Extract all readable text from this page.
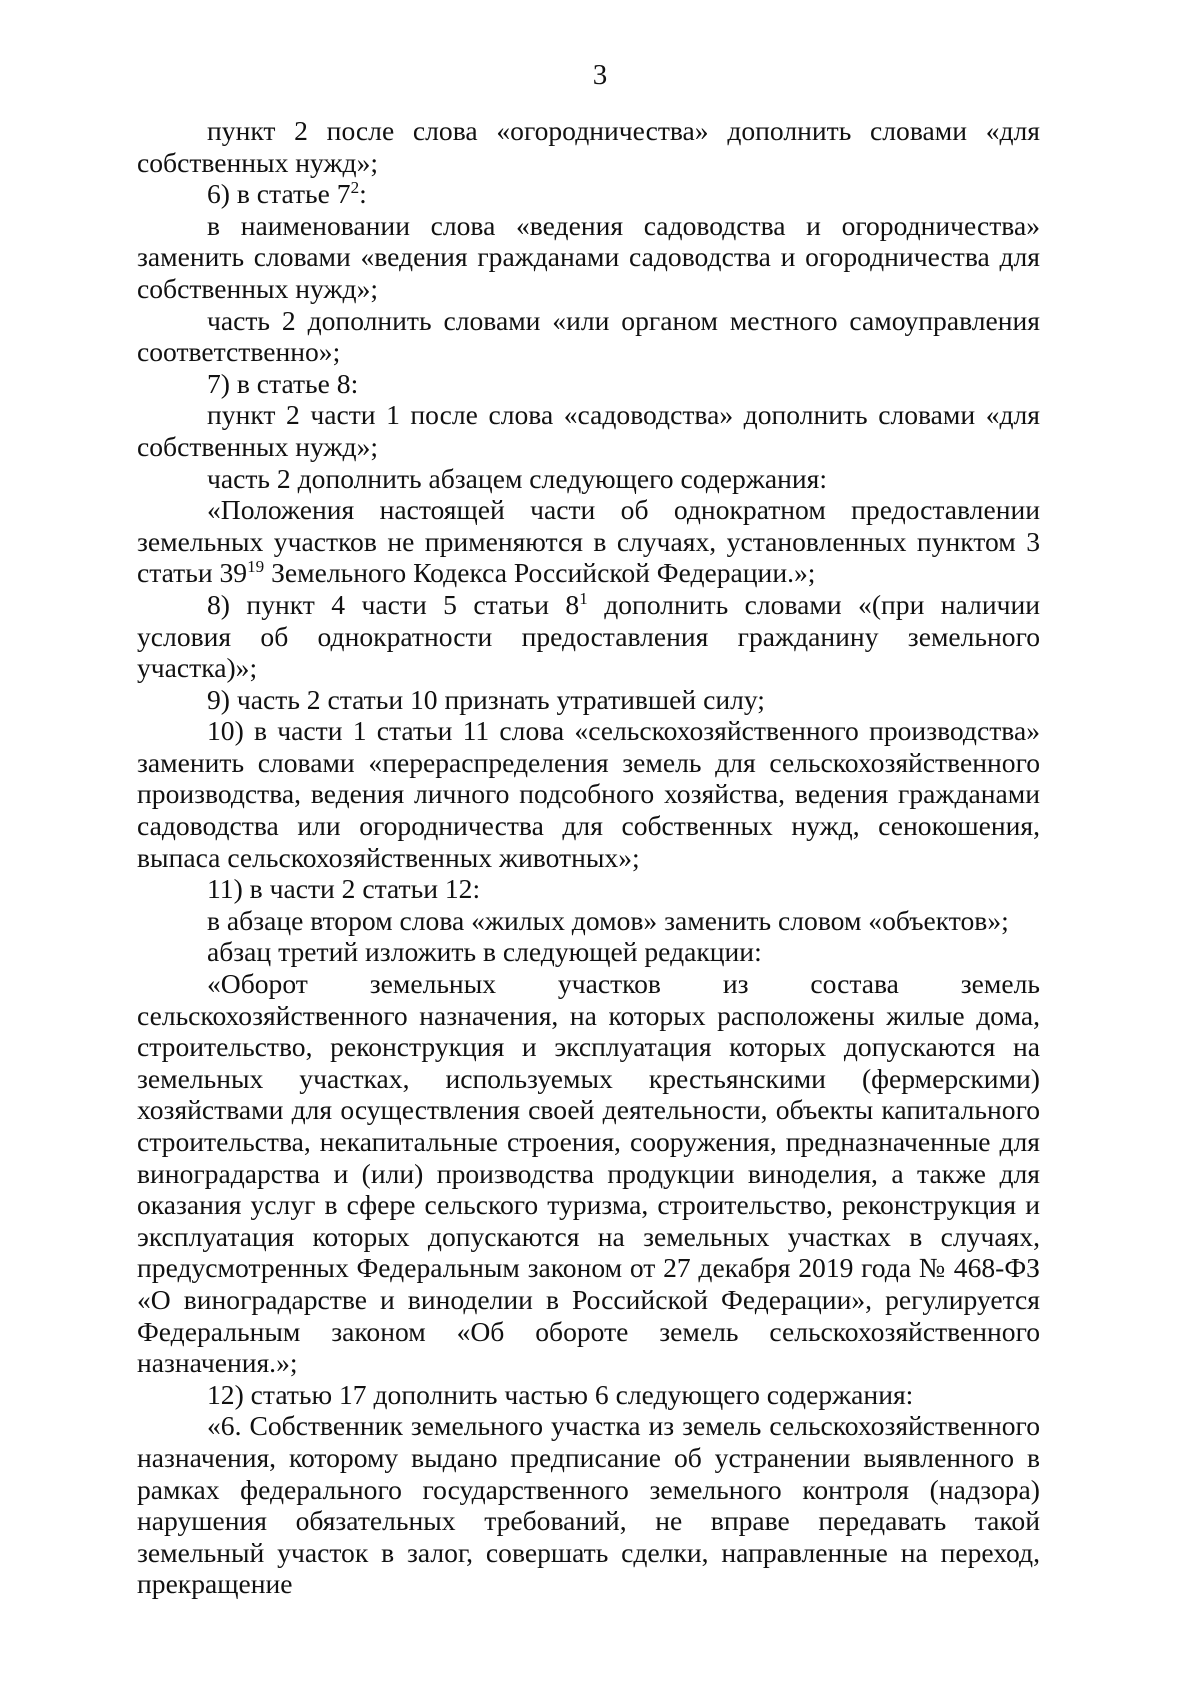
3

пункт 2 после слова «огородничества» дополнить словами «для собственных нужд»;

6) в статье $7^2$:

в наименовании слова «ведения садоводства и огородничества» заменить словами «ведения гражданами садоводства и огородничества для собственных нужд»;

часть 2 дополнить словами «или органом местного самоуправления соответственно»;

7) в статье 8:

пункт 2 части 1 после слова «садоводства» дополнить словами «для собственных нужд»;

часть 2 дополнить абзацем следующего содержания:

«Положения настоящей части об однократном предоставлении земельных участков не применяются в случаях, установленных пунктом 3 статьи $39^{19}$ Земельного Кодекса Российской Федерации.»;

8) пункт 4 части 5 статьи $8^1$ дополнить словами «(при наличии условия об однократности предоставления гражданину земельного участка)»;

9) часть 2 статьи 10 признать утратившей силу;

10) в части 1 статьи 11 слова «сельскохозяйственного производства» заменить словами «перераспределения земель для сельскохозяйственного производства, ведения личного подсобного хозяйства, ведения гражданами садоводства или огородничества для собственных нужд, сенокошения, выпаса сельскохозяйственных животных»;

11) в части 2 статьи 12:

в абзаце втором слова «жилых домов» заменить словом «объектов»;

абзац третий изложить в следующей редакции:

«Оборот земельных участков из состава земель сельскохозяйственного назначения, на которых расположены жилые дома, строительство, реконструкция и эксплуатация которых допускаются на земельных участках, используемых крестьянскими (фермерскими) хозяйствами для осуществления своей деятельности, объекты капитального строительства, некапитальные строения, сооружения, предназначенные для виноградарства и (или) производства продукции виноделия, а также для оказания услуг в сфере сельского туризма, строительство, реконструкция и эксплуатация которых допускаются на земельных участках в случаях, предусмотренных Федеральным законом от 27 декабря 2019 года № 468-ФЗ «О виноградарстве и виноделии в Российской Федерации», регулируется Федеральным законом «Об обороте земель сельскохозяйственного назначения.»;

12) статью 17 дополнить частью 6 следующего содержания:

«6. Собственник земельного участка из земель сельскохозяйственного назначения, которому выдано предписание об устранении выявленного в рамках федерального государственного земельного контроля (надзора) нарушения обязательных требований, не вправе передавать такой земельный участок в залог, совершать сделки, направленные на переход, прекращение
